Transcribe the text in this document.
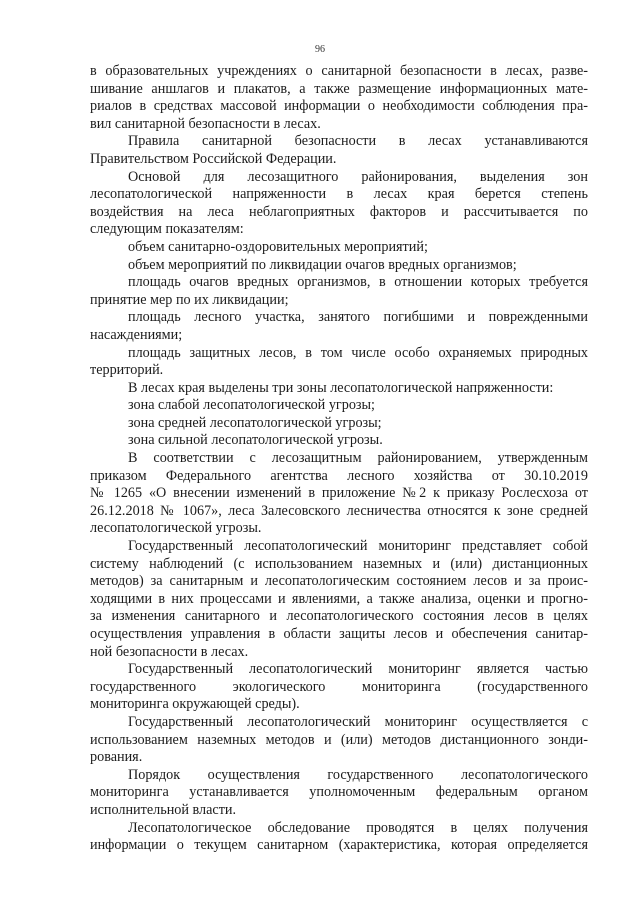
96
в образовательных учреждениях о санитарной безопасности в лесах, разве-
шивание аншлагов и плакатов, а также размещение информационных мате-
риалов в средствах массовой информации о необходимости соблюдения пра-
вил санитарной безопасности в лесах.
Правила санитарной безопасности в лесах устанавливаются
Правительством Российской Федерации.
Основой для лесозащитного районирования, выделения зон
лесопатологической напряженности в лесах края берется степень
воздействия на леса неблагоприятных факторов и рассчитывается по
следующим показателям:
объем санитарно-оздоровительных мероприятий;
объем мероприятий по ликвидации очагов вредных организмов;
площадь очагов вредных организмов, в отношении которых требуется
принятие мер по их ликвидации;
площадь лесного участка, занятого погибшими и поврежденными
насаждениями;
площадь защитных лесов, в том числе особо охраняемых природных
территорий.
В лесах края выделены три зоны лесопатологической напряженности:
зона слабой лесопатологической угрозы;
зона средней лесопатологической угрозы;
зона сильной лесопатологической угрозы.
В соответствии с лесозащитным районированием, утвержденным
приказом Федерального агентства лесного хозяйства от 30.10.2019
№ 1265 «О внесении изменений в приложение №2 к приказу Рослесхоза от
26.12.2018 № 1067», леса Залесовского лесничества относятся к зоне средней
лесопатологической угрозы.
Государственный лесопатологический мониторинг представляет собой
систему наблюдений (с использованием наземных и (или) дистанционных
методов) за санитарным и лесопатологическим состоянием лесов и за проис-
ходящими в них процессами и явлениями, а также анализа, оценки и прогно-
за изменения санитарного и лесопатологического состояния лесов в целях
осуществления управления в области защиты лесов и обеспечения санитар-
ной безопасности в лесах.
Государственный лесопатологический мониторинг является частью
государственного экологического мониторинга (государственного
мониторинга окружающей среды).
Государственный лесопатологический мониторинг осуществляется с
использованием наземных методов и (или) методов дистанционного зонди-
рования.
Порядок осуществления государственного лесопатологического
мониторинга устанавливается уполномоченным федеральным органом
исполнительной власти.
Лесопатологическое обследование проводятся в целях получения
информации о текущем санитарном (характеристика, которая определяется
